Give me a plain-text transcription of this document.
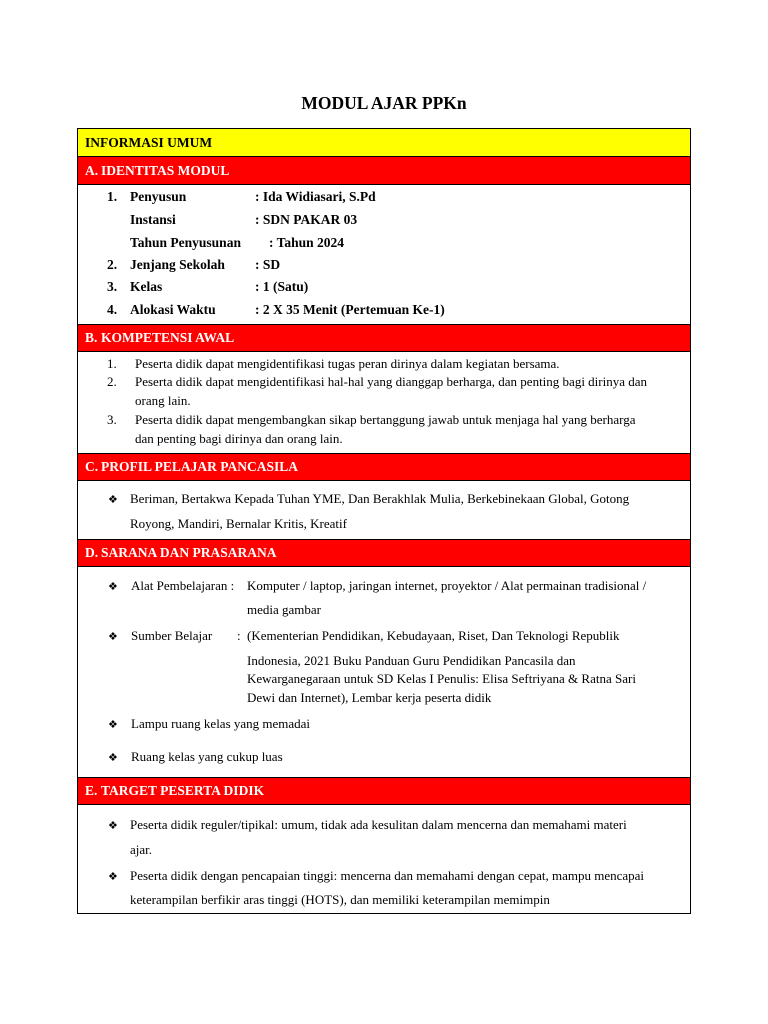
MODUL AJAR PPKn
INFORMASI UMUM
A. IDENTITAS MODUL
1. Penyusun	: Ida Widiasari, S.Pd
Instansi	: SDN PAKAR 03
Tahun Penyusunan : Tahun 2024
2. Jenjang Sekolah : SD
3. Kelas	: 1 (Satu)
4. Alokasi Waktu	: 2 X 35 Menit (Pertemuan Ke-1)
B. KOMPETENSI AWAL
1. Peserta didik dapat mengidentifikasi tugas peran dirinya dalam kegiatan bersama.
2. Peserta didik dapat mengidentifikasi hal-hal yang dianggap berharga, dan penting bagi dirinya dan
orang lain.
3. Peserta didik dapat mengembangkan sikap bertanggung jawab untuk menjaga hal yang berharga
dan penting bagi dirinya dan orang lain.
C. PROFIL PELAJAR PANCASILA
❖ Beriman, Bertakwa Kepada Tuhan YME, Dan Berakhlak Mulia, Berkebinekaan Global, Gotong
Royong, Mandiri, Bernalar Kritis, Kreatif
D. SARANA DAN PRASARANA
❖ Alat Pembelajaran : Komputer / laptop, jaringan internet, proyektor / Alat permainan tradisional /
media gambar
❖ Sumber Belajar : (Kementerian Pendidikan, Kebudayaan, Riset, Dan Teknologi Republik
Indonesia, 2021 Buku Panduan Guru Pendidikan Pancasila dan
Kewarganegaraan untuk SD Kelas I Penulis: Elisa Seftriyana & Ratna Sari
Dewi dan Internet), Lembar kerja peserta didik
❖ Lampu ruang kelas yang memadai
❖ Ruang kelas yang cukup luas
E. TARGET PESERTA DIDIK
❖ Peserta didik reguler/tipikal: umum, tidak ada kesulitan dalam mencerna dan memahami materi
ajar.
❖ Peserta didik dengan pencapaian tinggi: mencerna dan memahami dengan cepat, mampu mencapai
keterampilan berfikir aras tinggi (HOTS), dan memiliki keterampilan memimpin
